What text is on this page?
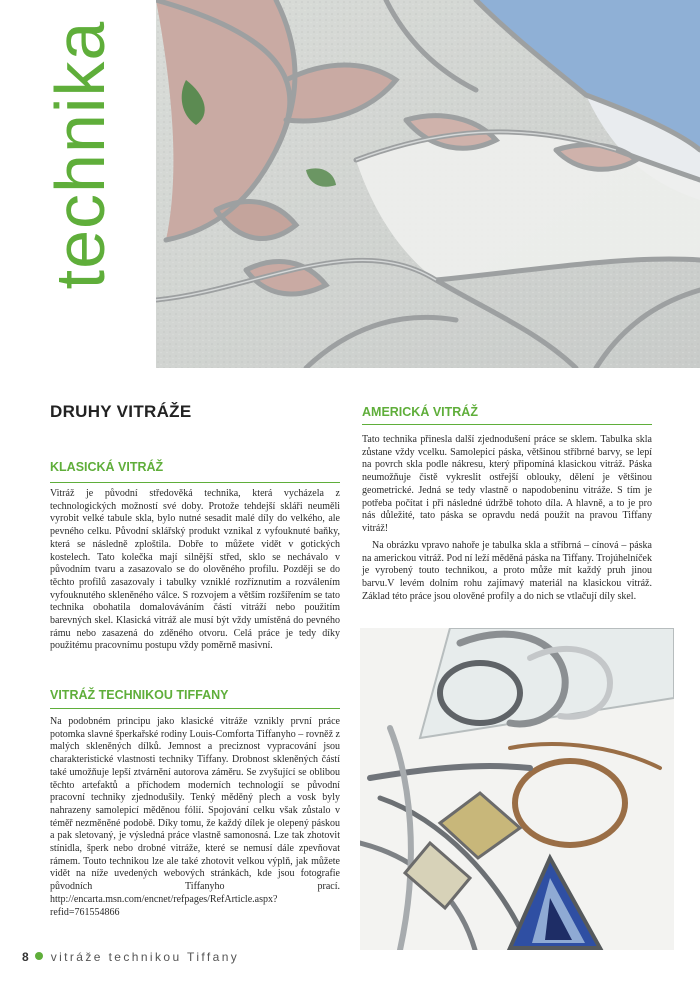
technika
DRUHY VITRÁŽE
KLASICKÁ VITRÁŽ

Vitráž je původní středověká technika, která vycházela z technologických možností své doby. Protože tehdejší skláři neuměli vyrobit velké tabule skla, bylo nutné sesadit malé díly do velkého, ale pevného celku. Původní sklářský produkt vznikal z vyfouknuté baňky, která se následně zploštila. Dobře to můžete vidět v gotických kostelech. Tato kolečka mají silnější střed, sklo se nechávalo v původním tvaru a zasazovalo se do olověného profilu. Později se do těchto profilů zasazovaly i tabulky vzniklé rozříznutím a rozválením vyfouknutého skleněného válce. S rozvojem a větším rozšířením se tato technika obohatila domalováváním částí vitráží nebo použitím barevných skel. Klasická vitráž ale musí být vždy umístěná do pevného rámu nebo zasazená do zděného otvoru. Celá práce je tedy díky použitému pracovnímu postupu vždy poměrně masivní.

VITRÁŽ TECHNIKOU TIFFANY

Na podobném principu jako klasické vitráže vznikly první práce potomka slavné šperkařské rodiny Louis-Comforta Tiffanyho – rovněž z malých skleněných dílků. Jemnost a preciznost vypracování jsou charakteristické vlastnosti techniky Tiffany. Drobnost skleněných částí také umožňuje lepší ztvárnění autorova záměru. Se zvyšující se oblibou těchto artefaktů a příchodem moderních technologií se původní pracovní techniky zjednodušily. Tenký měděný plech a vosk byly nahrazeny samolepicí měděnou fólií. Spojování celku však zůstalo v téměř nezměněné podobě. Díky tomu, že každý dílek je olepený páskou a pak sletovaný, je výsledná práce vlastně samonosná. Lze tak zhotovit stínidla, šperk nebo drobné vitráže, které se nemusí dále zpevňovat rámem. Touto technikou lze ale také zhotovit velkou výplň, jak můžete vidět na níže uvedených webových stránkách, kde jsou fotografie původních Tiffanyho prací. http://encarta.msn.com/encnet/refpages/RefArticle.aspx?refid=761554866

AMERICKÁ VITRÁŽ

Tato technika přinesla další zjednodušení práce se sklem. Tabulka skla zůstane vždy vcelku. Samolepicí páska, většinou stříbrné barvy, se lepí na povrch skla podle nákresu, který připomíná klasickou vitráž. Páska neumožňuje čistě vykreslit ostřejší oblouky, dělení je většinou geometrické. Jedná se tedy vlastně o napodobeninu vitráže. S tím je potřeba počítat i při následné údržbě tohoto díla. A hlavně, a to je pro nás důležité, tato páska se opravdu nedá použít na pravou Tiffany vitráž!

Na obrázku vpravo nahoře je tabulka skla a stříbrná – cínová – páska na americkou vitráž. Pod ní leží měděná páska na Tiffany. Trojúhelníček je vyrobený touto technikou, a proto může mít každý pruh jinou barvu.V levém dolním rohu zajímavý materiál na klasickou vitráž. Základ této práce jsou olověné profily a do nich se vtlačují díly skel.

8 vitráže technikou Tiffany
